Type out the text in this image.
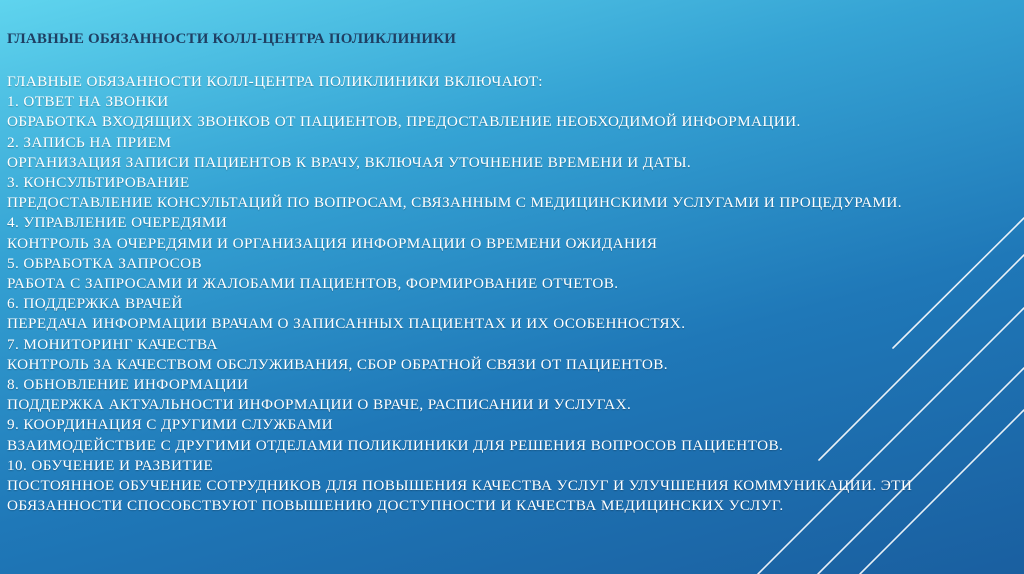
ГЛАВНЫЕ ОБЯЗАННОСТИ КОЛЛ-ЦЕНТРА ПОЛИКЛИНИКИ
ГЛАВНЫЕ ОБЯЗАННОСТИ КОЛЛ-ЦЕНТРА ПОЛИКЛИНИКИ ВКЛЮЧАЮТ:
1. ОТВЕТ НА ЗВОНКИ
ОБРАБОТКА ВХОДЯЩИХ ЗВОНКОВ ОТ ПАЦИЕНТОВ, ПРЕДОСТАВЛЕНИЕ НЕОБХОДИМОЙ ИНФОРМАЦИИ.
2. ЗАПИСЬ НА ПРИЕМ
ОРГАНИЗАЦИЯ ЗАПИСИ ПАЦИЕНТОВ К ВРАЧУ, ВКЛЮЧАЯ УТОЧНЕНИЕ ВРЕМЕНИ И ДАТЫ.
3. КОНСУЛЬТИРОВАНИЕ
ПРЕДОСТАВЛЕНИЕ КОНСУЛЬТАЦИЙ ПО ВОПРОСАМ, СВЯЗАННЫМ С МЕДИЦИНСКИМИ УСЛУГАМИ И ПРОЦЕДУРАМИ.
4. УПРАВЛЕНИЕ ОЧЕРЕДЯМИ
КОНТРОЛЬ ЗА ОЧЕРЕДЯМИ И ОРГАНИЗАЦИЯ ИНФОРМАЦИИ О ВРЕМЕНИ ОЖИДАНИЯ
5. ОБРАБОТКА ЗАПРОСОВ
РАБОТА С ЗАПРОСАМИ И ЖАЛОБАМИ ПАЦИЕНТОВ, ФОРМИРОВАНИЕ ОТЧЕТОВ.
6. ПОДДЕРЖКА ВРАЧЕЙ
ПЕРЕДАЧА ИНФОРМАЦИИ ВРАЧАМ О ЗАПИСАННЫХ ПАЦИЕНТАХ И ИХ ОСОБЕННОСТЯХ.
7. МОНИТОРИНГ КАЧЕСТВА
КОНТРОЛЬ ЗА КАЧЕСТВОМ ОБСЛУЖИВАНИЯ, СБОР ОБРАТНОЙ СВЯЗИ ОТ ПАЦИЕНТОВ.
8. ОБНОВЛЕНИЕ ИНФОРМАЦИИ
ПОДДЕРЖКА АКТУАЛЬНОСТИ ИНФОРМАЦИИ О ВРАЧЕ, РАСПИСАНИИ И УСЛУГАХ.
9. КООРДИНАЦИЯ С ДРУГИМИ СЛУЖБАМИ
ВЗАИМОДЕЙСТВИЕ С ДРУГИМИ ОТДЕЛАМИ ПОЛИКЛИНИКИ ДЛЯ РЕШЕНИЯ ВОПРОСОВ ПАЦИЕНТОВ.
10. ОБУЧЕНИЕ И РАЗВИТИЕ
ПОСТОЯННОЕ ОБУЧЕНИЕ СОТРУДНИКОВ ДЛЯ ПОВЫШЕНИЯ КАЧЕСТВА УСЛУГ И УЛУЧШЕНИЯ КОММУНИКАЦИИ. ЭТИ
ОБЯЗАННОСТИ СПОСОБСТВУЮТ ПОВЫШЕНИЮ ДОСТУПНОСТИ И КАЧЕСТВА МЕДИЦИНСКИХ УСЛУГ.
